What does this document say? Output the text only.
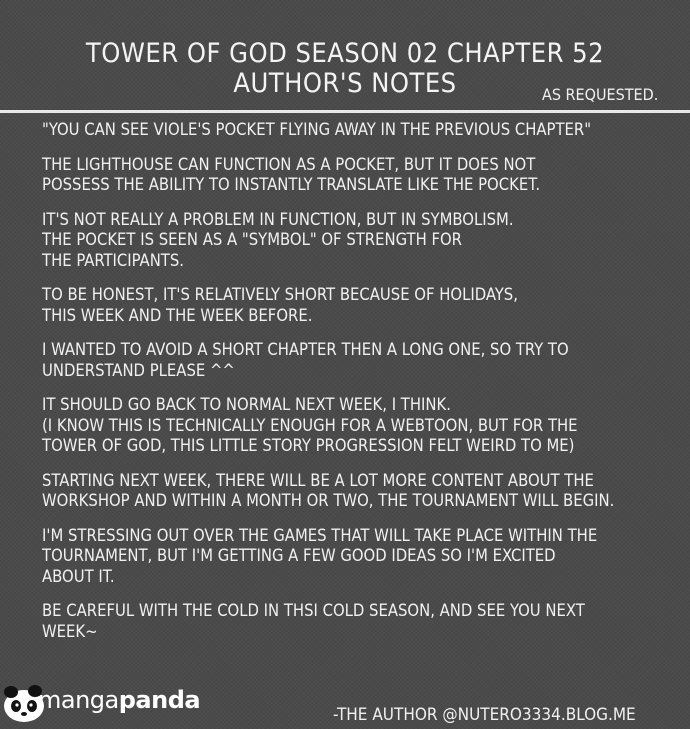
TOWER OF GOD SEASON 02 CHAPTER 52
AUTHOR'S NOTES	AS REQUESTED.
"YOU CAN SEE VIOLE'S POCKET FLYING AWAY IN THE PREVIOUS CHAPTER"
THE LIGHTHOUSE CAN FUNCTION AS A POCKET, BUT IT DOES NOT
POSSESS THE ABILITY TO INSTANTLY TRANSLATE LIKE THE POCKET.
IT'S NOT REALLY A PROBLEM IN FUNCTION, BUT IN SYMBOLISM.
THE POCKET IS SEEN AS A "SYMBOL" OF STRENGTH FOR
THE PARTICIPANTS.
TO BE HONEST, IT'S RELATIVELY SHORT BECAUSE OF HOLIDAYS,
THIS WEEK AND THE WEEK BEFORE.
I WANTED TO AVOID A SHORT CHAPTER THEN A LONG ONE, SO TRY TO
UNDERSTAND PLEASE ^^
IT SHOULD GO BACK TO NORMAL NEXT WEEK, I THINK.
(I KNOW THIS IS TECHNICALLY ENOUGH FOR A WEBTOON, BUT FOR THE
TOWER OF GOD, THIS LITTLE STORY PROGRESSION FELT WEIRD TO ME)
STARTING NEXT WEEK, THERE WILL BE A LOT MORE CONTENT ABOUT THE
WORKSHOP AND WITHIN A MONTH OR TWO, THE TOURNAMENT WILL BEGIN.
I'M STRESSING OUT OVER THE GAMES THAT WILL TAKE PLACE WITHIN THE
TOURNAMENT, BUT I'M GETTING A FEW GOOD IDEAS SO I'M EXCITED
ABOUT IT.
BE CAREFUL WITH THE COLD IN THSI COLD SEASON, AND SEE YOU NEXT
WEEK~
mangapanda
-THE AUTHOR @NUTERO3334.BLOG.ME
